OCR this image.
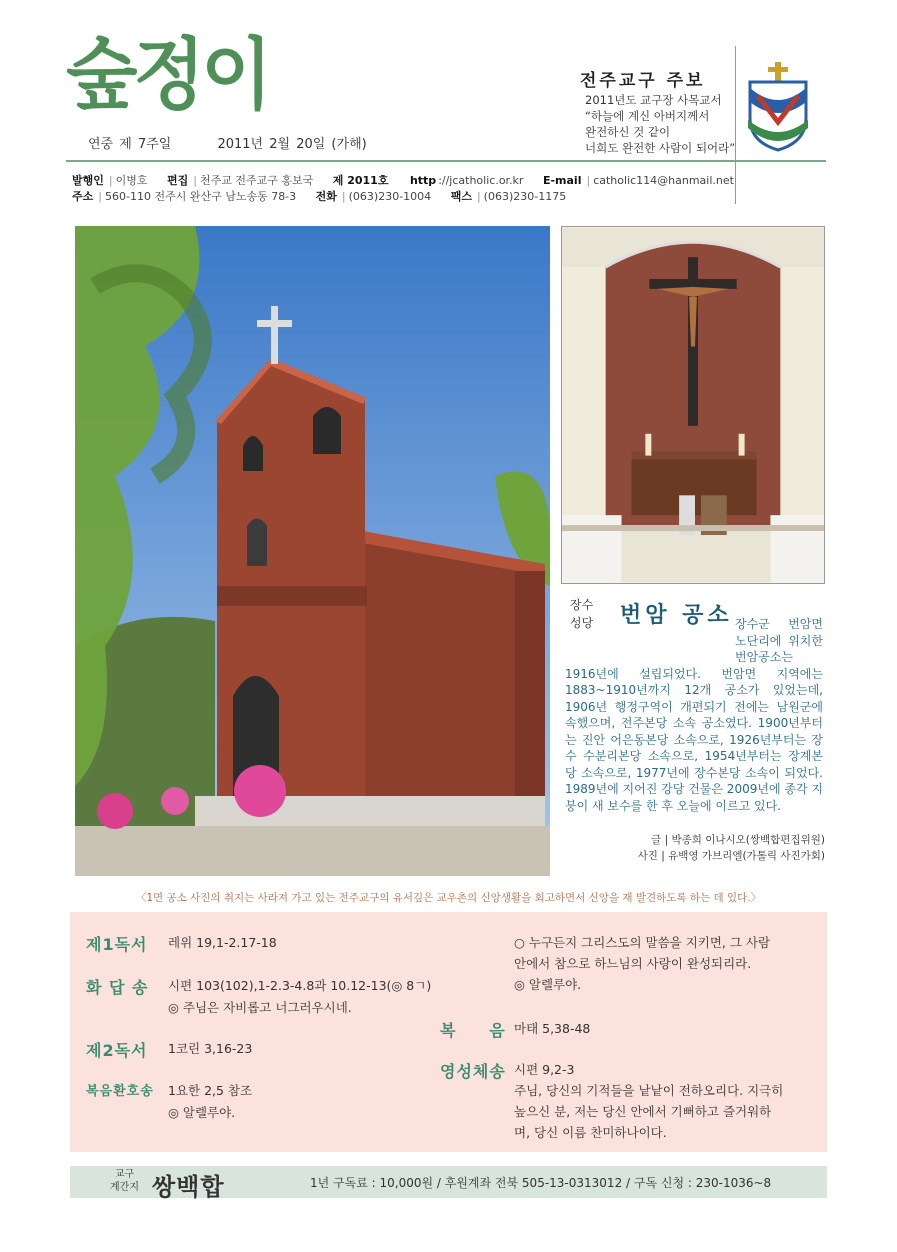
숲정이
연중 제 7주일	2011년 2월 20일 (가해)
전주교구 주보
2011년도 교구장 사목교서
“하늘에 계신 아버지께서
완전하신 것 같이
너희도 완전한 사람이 되어라”
발행인 | 이병호 편집 | 천주교 전주교구 홍보국 제 2011호 http ://jcatholic.or.kr E-mail | catholic114@hanmail.net
주소 | 560-110 전주시 완산구 남노송동 78-3 전화 | (063)230-1004 팩스 | (063)230-1175
장수
성당 번암 공소 장수군 번암면 노단리에 위치한 번암공소는 1916년에 설립되었다. 번암면 지역에는 1883~1910년까지 12개 공소가 있었는데, 1906년 행정구역이 개편되기 전에는 남원군에 속했으며, 전주본당 소속 공소였다. 1900년부터는 진안 어은동본당 소속으로, 1926년부터는 장수 수분리본당 소속으로, 1954년부터는 장계본당 소속으로, 1977년에 장수본당 소속이 되었다. 1989년에 지어진 강당 건물은 2009년에 종각 지붕이 새 보수를 한 후 오늘에 이르고 있다.
글 | 박종희 이나시오(쌍백합편집위원)
사진 | 유백영 가브리엘(가톨릭 사진가회)
〈1면 공소 사진의 취지는 사라져 가고 있는 전주교구의 유서깊은 교우촌의 신앙생활을 회고하면서 신앙을 재 발견하도록 하는 데 있다.〉
제1독서 레위 19,1-2.17-18
화 답 송 시편 103(102),1-2.3-4.8과 10.12-13(◎ 8ㄱ)
◎ 주님은 자비롭고 너그러우시네.
제2독서 1코린 3,16-23
복음환호송 1요한 2,5 참조
◎ 알렐루야.
○ 누구든지 그리스도의 말씀을 지키면, 그 사람
안에서 참으로 하느님의 사랑이 완성되리라.
◎ 알렐루야.
복     음 마태 5,38-48
영성체송 시편 9,2-3
주님, 당신의 기적들을 낱낱이 전하오리다. 지극히
높으신 분, 저는 당신 안에서 기뻐하고 즐거워하
며, 당신 이름 찬미하나이다.
교구
계간지 쌍백합	1년 구독료 : 10,000원 / 후원계좌 전북 505-13-0313012 / 구독 신청 : 230-1036~8
